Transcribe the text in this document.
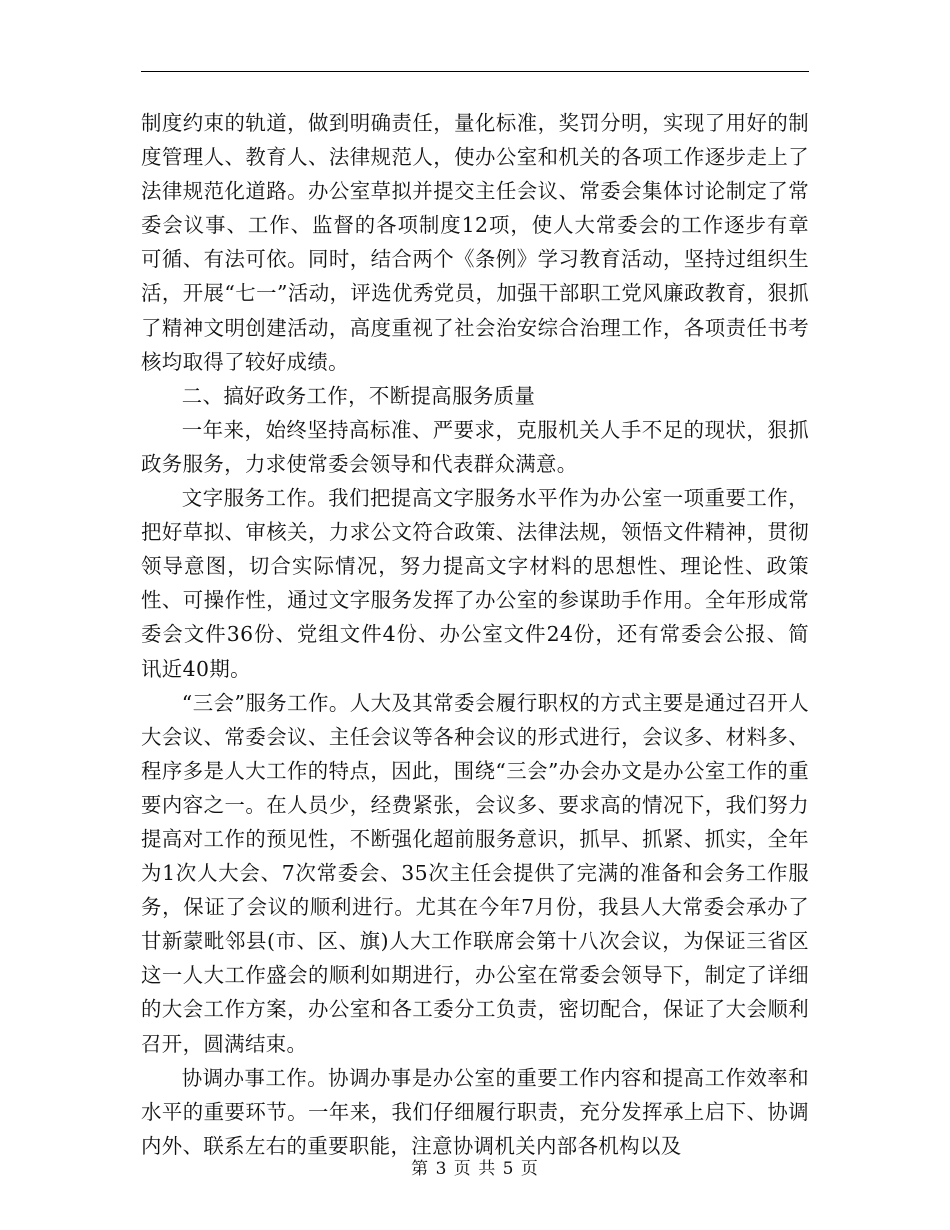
制度约束的轨道，做到明确责任，量化标准，奖罚分明，实现了用好的制度管理人、教育人、法律规范人，使办公室和机关的各项工作逐步走上了法律规范化道路。办公室草拟并提交主任会议、常委会集体讨论制定了常委会议事、工作、监督的各项制度12项，使人大常委会的工作逐步有章可循、有法可依。同时，结合两个《条例》学习教育活动，坚持过组织生活，开展“七一”活动，评选优秀党员，加强干部职工党风廉政教育，狠抓了精神文明创建活动，高度重视了社会治安综合治理工作，各项责任书考核均取得了较好成绩。

二、搞好政务工作，不断提高服务质量

一年来，始终坚持高标准、严要求，克服机关人手不足的现状，狠抓政务服务，力求使常委会领导和代表群众满意。

文字服务工作。我们把提高文字服务水平作为办公室一项重要工作，把好草拟、审核关，力求公文符合政策、法律法规，领悟文件精神，贯彻领导意图，切合实际情况，努力提高文字材料的思想性、理论性、政策性、可操作性，通过文字服务发挥了办公室的参谋助手作用。全年形成常委会文件36份、党组文件4份、办公室文件24份，还有常委会公报、简讯近40期。

“三会”服务工作。人大及其常委会履行职权的方式主要是通过召开人大会议、常委会议、主任会议等各种会议的形式进行，会议多、材料多、程序多是人大工作的特点，因此，围绕“三会”办会办文是办公室工作的重要内容之一。在人员少，经费紧张，会议多、要求高的情况下，我们努力提高对工作的预见性，不断强化超前服务意识，抓早、抓紧、抓实，全年为1次人大会、7次常委会、35次主任会提供了完满的准备和会务工作服务，保证了会议的顺利进行。尤其在今年7月份，我县人大常委会承办了甘新蒙毗邻县(市、区、旗)人大工作联席会第十八次会议，为保证三省区这一人大工作盛会的顺利如期进行，办公室在常委会领导下，制定了详细的大会工作方案，办公室和各工委分工负责，密切配合，保证了大会顺利召开，圆满结束。

协调办事工作。协调办事是办公室的重要工作内容和提高工作效率和水平的重要环节。一年来，我们仔细履行职责，充分发挥承上启下、协调内外、联系左右的重要职能，注意协调机关内部各机构以及

第 3 页 共 5 页
